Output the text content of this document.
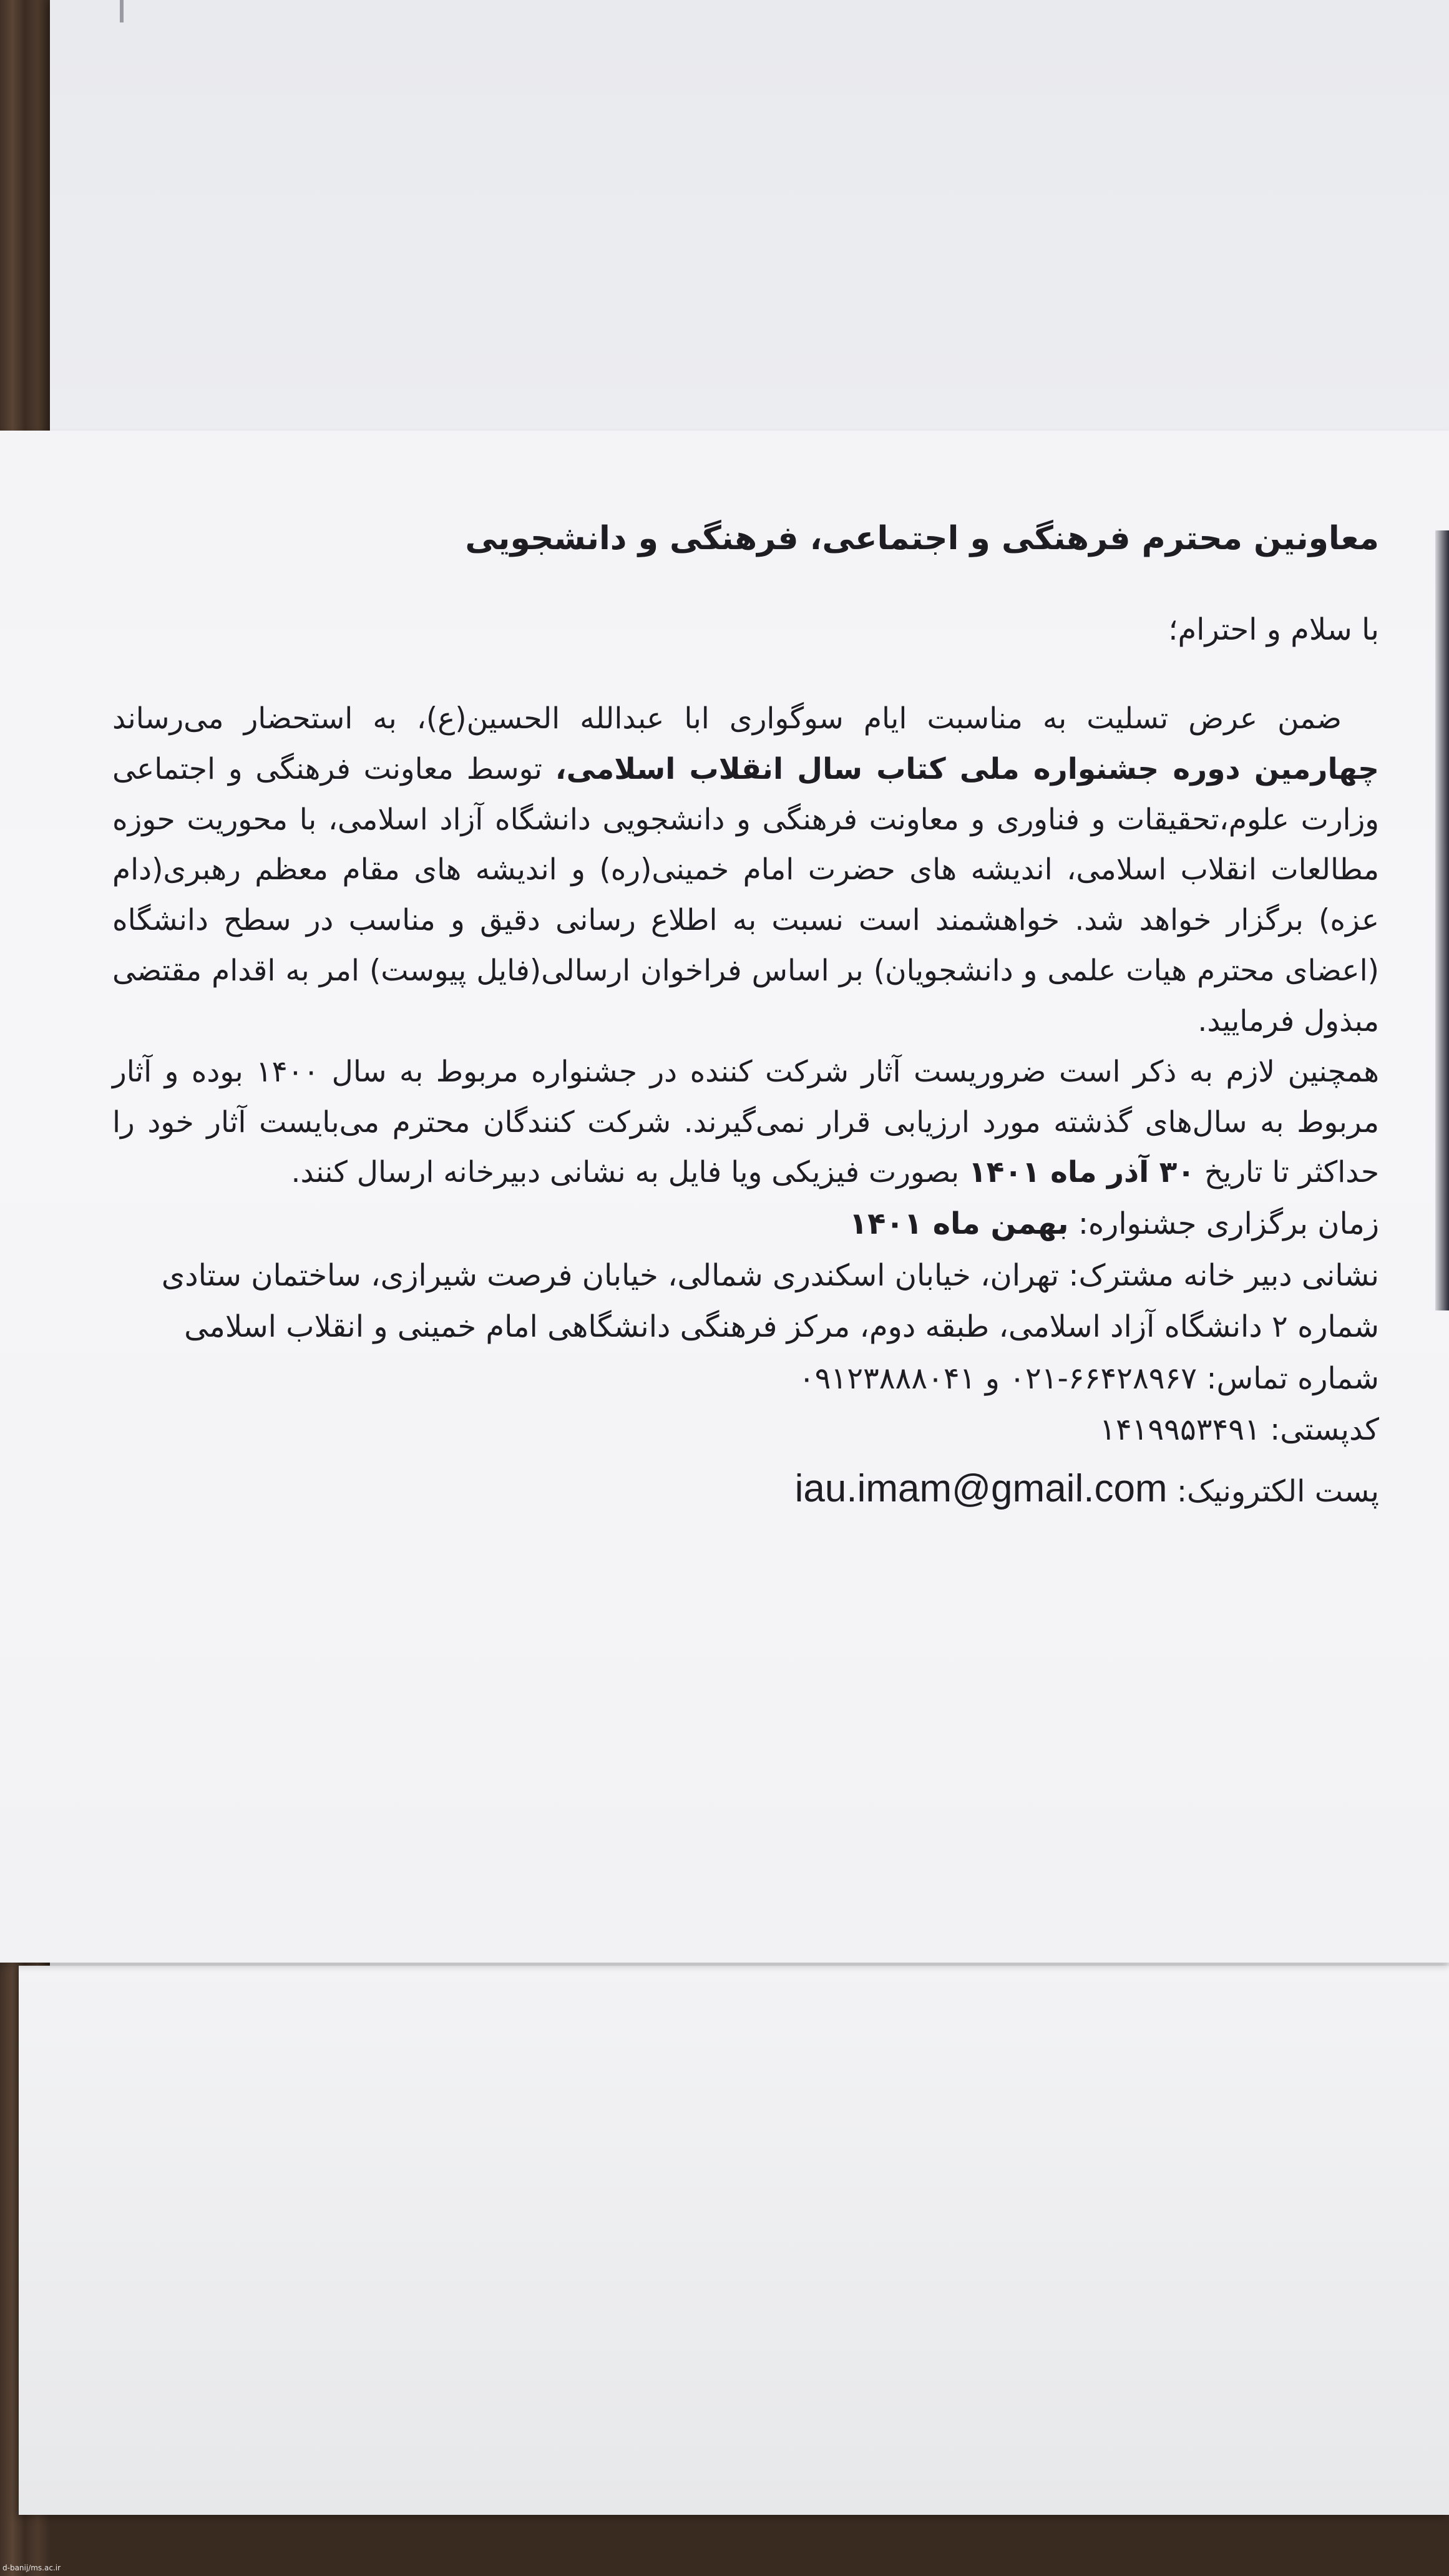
معاونین محترم فرهنگی و اجتماعی، فرهنگی و دانشجویی

با سلام و احترام؛

ضمن عرض تسلیت به مناسبت ایام سوگواری ابا عبدالله الحسین(ع)، به استحضار می‌رساند چهارمین دوره جشنواره ملی کتاب سال انقلاب اسلامی، توسط معاونت فرهنگی و اجتماعی وزارت علوم،تحقیقات و فناوری و معاونت فرهنگی و دانشجویی دانشگاه آزاد اسلامی، با محوریت حوزه مطالعات انقلاب اسلامی، اندیشه های حضرت امام خمینی(ره) و اندیشه های مقام معظم رهبری(دام عزه) برگزار خواهد شد. خواهشمند است نسبت به اطلاع رسانی دقیق و مناسب در سطح دانشگاه (اعضای محترم هیات علمی و دانشجویان) بر اساس فراخوان ارسالی(فایل پیوست) امر به اقدام مقتضی مبذول فرمایید.

همچنین لازم به ذکر است ضروریست آثار شرکت کننده در جشنواره مربوط به سال ۱۴۰۰ بوده و آثار مربوط به سال‌های گذشته مورد ارزیابی قرار نمی‌گیرند. شرکت کنندگان محترم می‌بایست آثار خود را حداکثر تا تاریخ ۳۰ آذر ماه ۱۴۰۱ بصورت فیزیکی ویا فایل به نشانی دبیرخانه ارسال کنند.

زمان برگزاری جشنواره: بهمن ماه ۱۴۰۱

نشانی دبیر خانه مشترک: تهران، خیابان اسکندری شمالی، خیابان فرصت شیرازی، ساختمان ستادی شماره ۲ دانشگاه آزاد اسلامی، طبقه دوم، مرکز فرهنگی دانشگاهی امام خمینی و انقلاب اسلامی شماره تماس: ۶۶۴۲۸۹۶۷-۰۲۱ و ۰۹۱۲۳۸۸۸۰۴۱

کدپستی: ۱۴۱۹۹۵۳۴۹۱

پست الکترونیک: iau.imam@gmail.com

d-banij/ms.ac.ir
